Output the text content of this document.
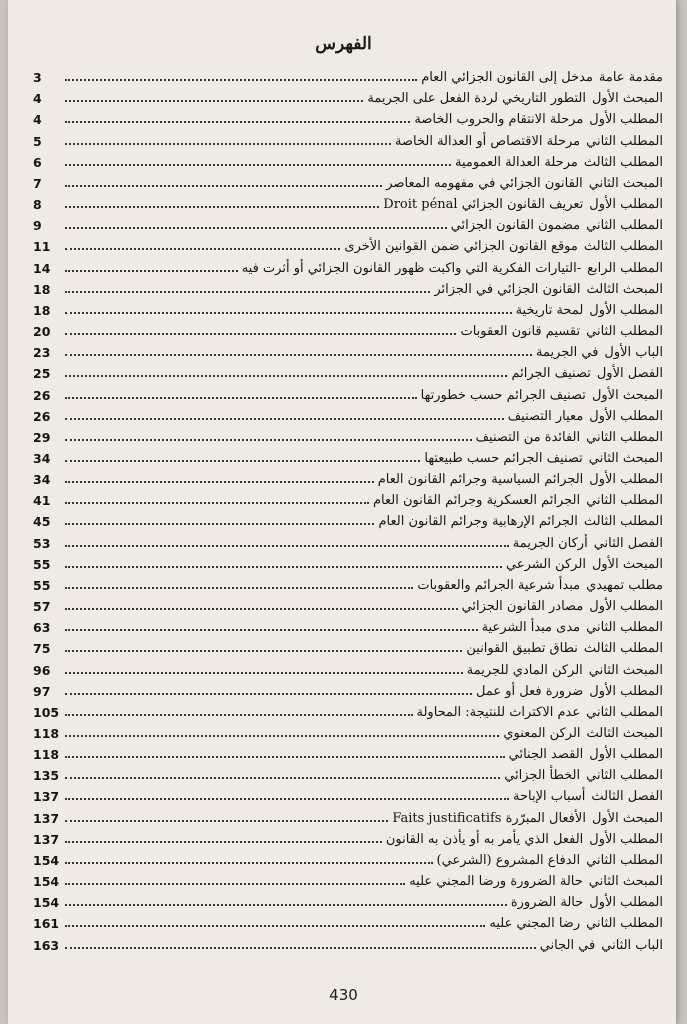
الفهرس
مقدمة عامة
مدخل إلى القانون الجزائي العام
3
المبحث الأول
التطور التاريخي لردة الفعل على الجريمة
4
المطلب الأول
مرحلة الانتقام والحروب الخاصة
4
المطلب الثاني
مرحلة الاقتصاص أو العدالة الخاصة
5
المطلب الثالث
مرحلة العدالة العمومية
6
المبحث الثاني
القانون الجزائي في مفهومه المعاصر
7
المطلب الأول
تعريف القانون الجزائي Droit pénal
8
المطلب الثاني
مضمون القانون الجزائي
9
المطلب الثالث
موقع القانون الجزائي ضمن القوانين الأخرى
11
المطلب الرابع
-التيارات الفكرية التي واكبت ظهور القانون الجزائي أو أثرت فيه
14
المبحث الثالث
القانون الجزائي في الجزائر
18
المطلب الأول
لمحة تاريخية
18
المطلب الثاني
تقسيم قانون العقوبات
20
الباب الأول
في الجريمة
23
الفصل الأول
تصنيف الجرائم
25
المبحث الأول
تصنيف الجرائم حسب خطورتها
26
المطلب الأول
معيار التصنيف
26
المطلب الثاني
الفائدة من التصنيف
29
المبحث الثاني
تصنيف الجرائم حسب طبيعتها
34
المطلب الأول
الجرائم السياسية وجرائم القانون العام
34
المطلب الثاني
الجرائم العسكرية وجرائم القانون العام
41
المطلب الثالث
الجرائم الإرهابية وجرائم القانون العام
45
الفصل الثاني
أركان الجريمة
53
المبحث الأول
الركن الشرعي
55
مطلب تمهيدي
مبدأ شرعية الجرائم والعقوبات
55
المطلب الأول
مصادر القانون الجزائي
57
المطلب الثاني
مدى مبدأ الشرعية
63
المطلب الثالث
نطاق تطبيق القوانين
75
المبحث الثاني
الركن المادي للجريمة
96
المطلب الأول
ضرورة فعل أو عمل
97
المطلب الثاني
عدم الاكتراث للنتيجة: المحاولة
105
المبحث الثالث
الركن المعنوي
118
المطلب الأول
القصد الجنائي
118
المطلب الثاني
الخطأ الجزائي
135
الفصل الثالث
أسباب الإباحة
137
المبحث الأول
الأفعال المبرّرة Faits justificatifs
137
المطلب الأول
الفعل الذي يأمر به أو يأذن به القانون
137
المطلب الثاني
الدفاع المشروع (الشرعي)
154
المبحث الثاني
حالة الضرورة ورضا المجني عليه
154
المطلب الأول
حالة الضرورة
154
المطلب الثاني
رضا المجني عليه
161
الباب الثاني
في الجاني
163
430
